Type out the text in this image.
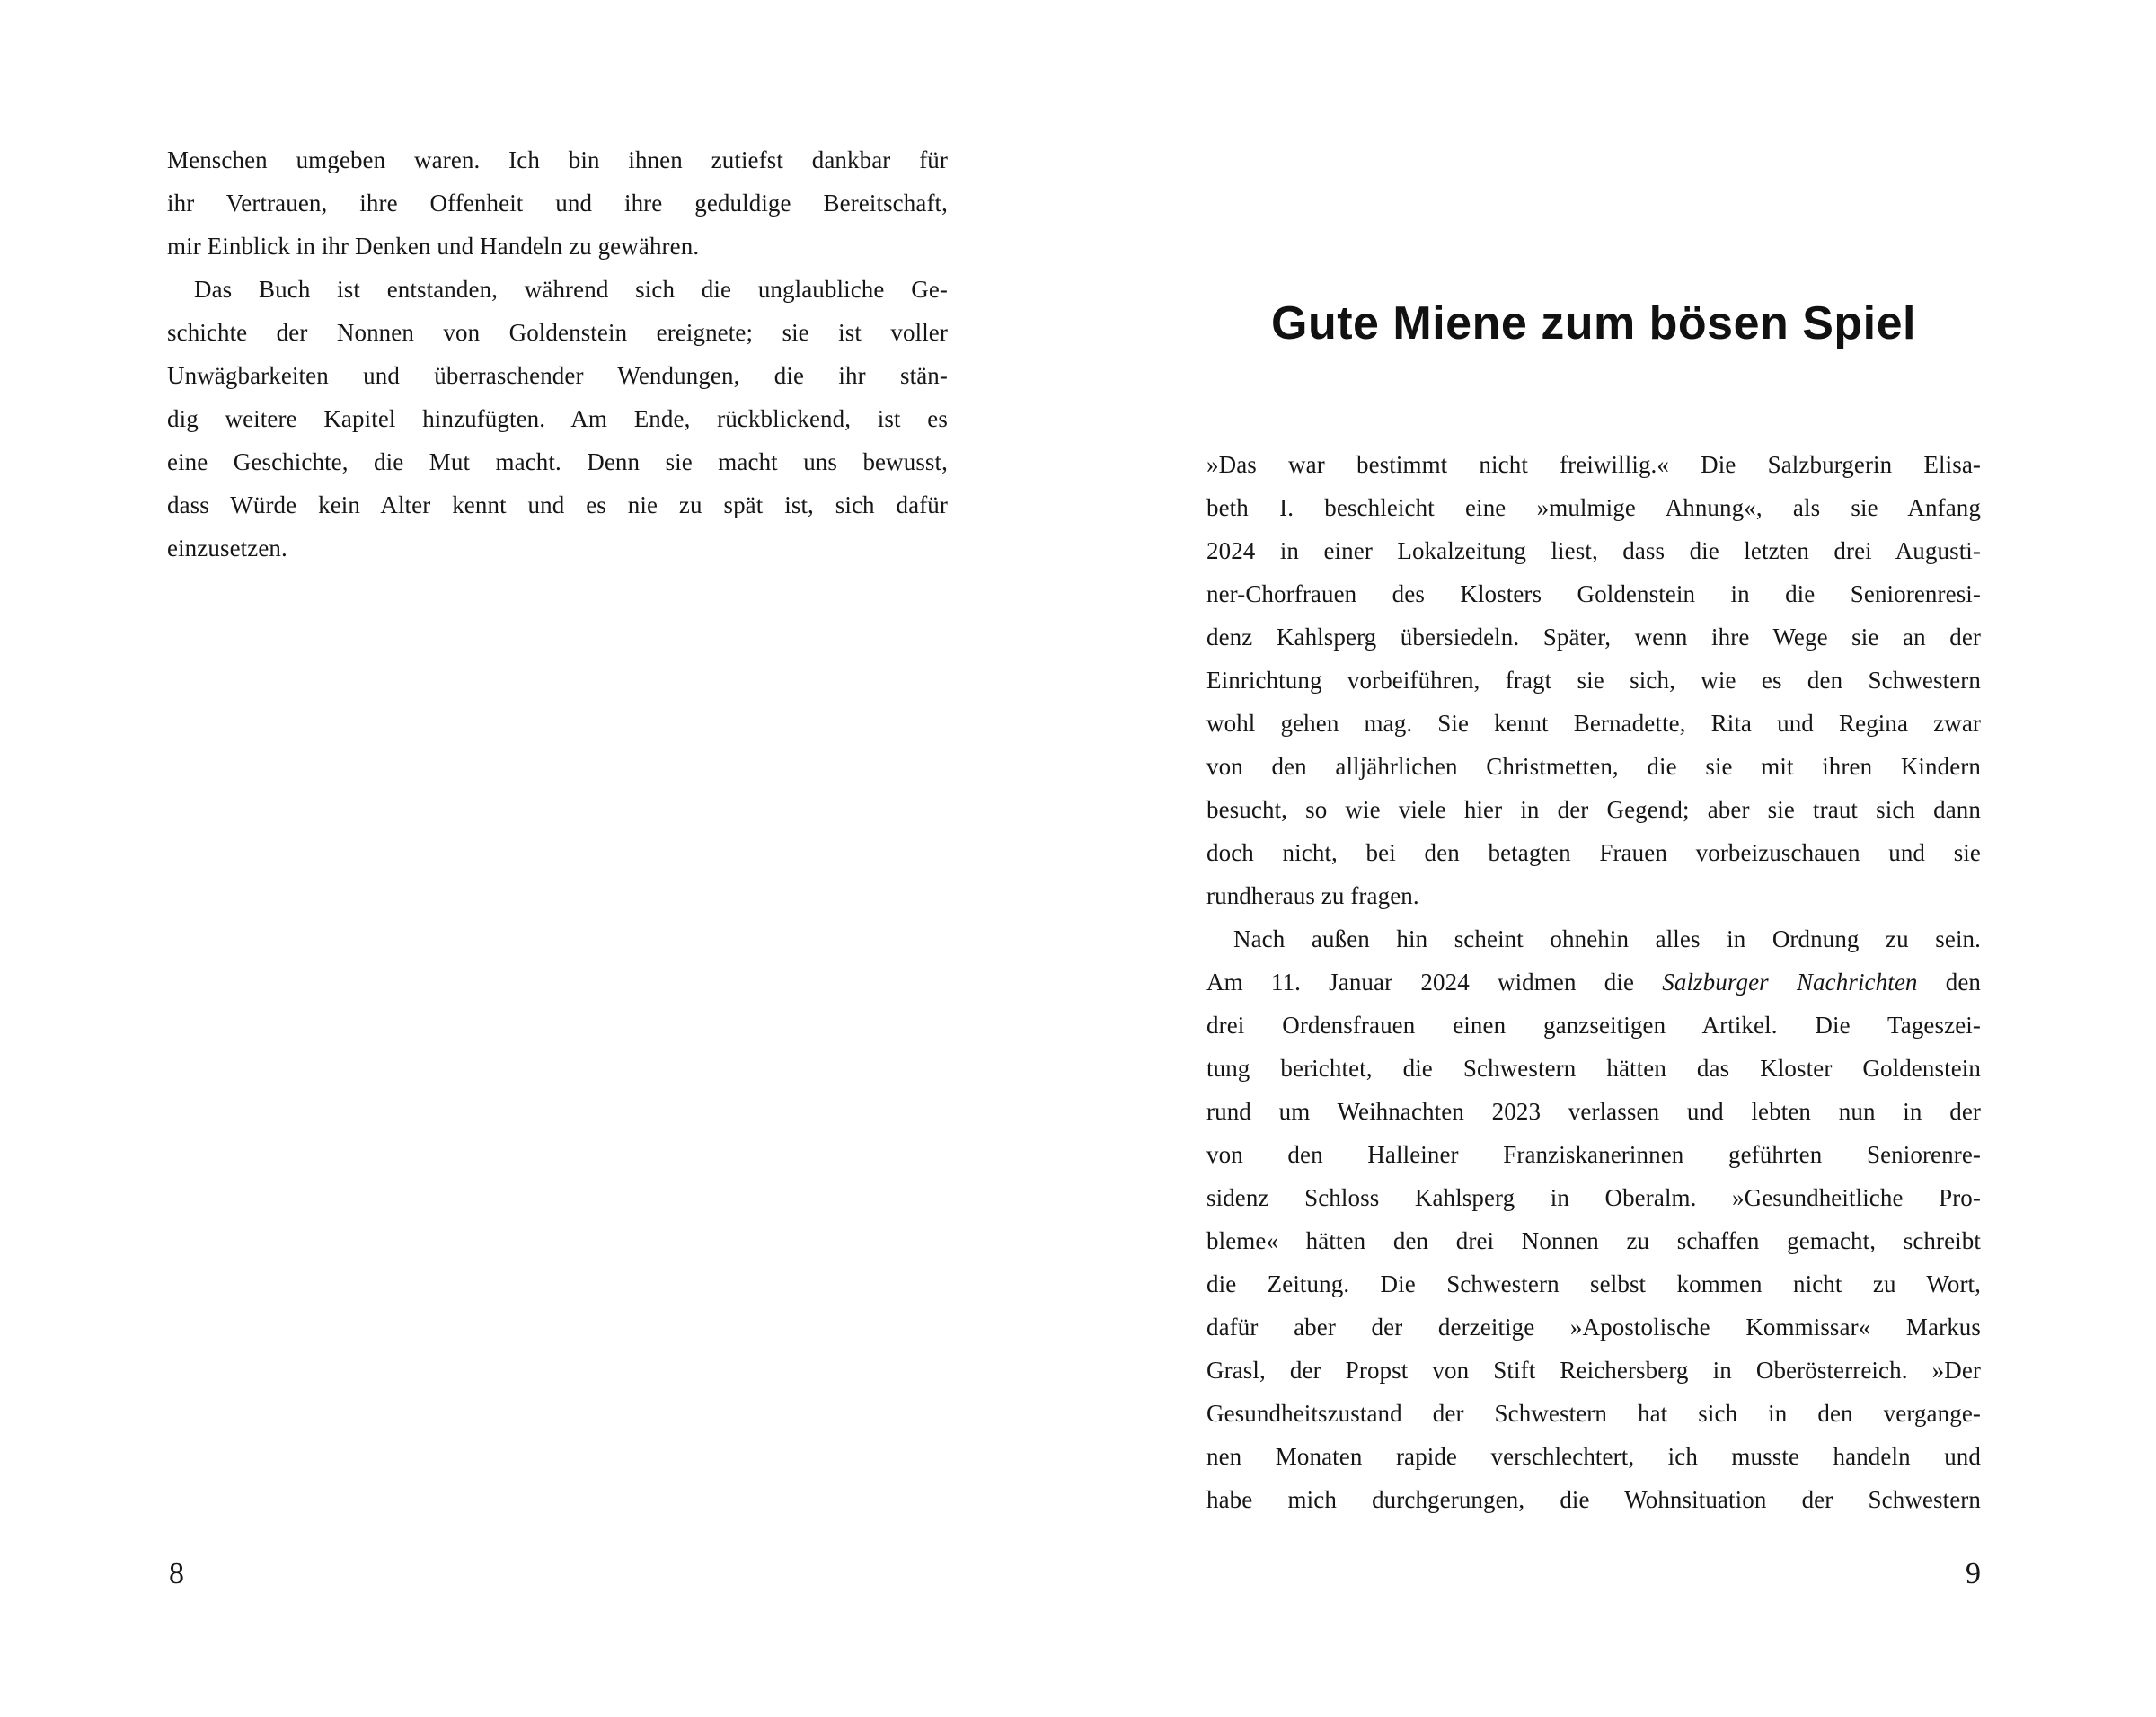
Menschen umgeben waren. Ich bin ihnen zutiefst dankbar für
ihr Vertrauen, ihre Offenheit und ihre geduldige Bereitschaft,
mir Einblick in ihr Denken und Handeln zu gewähren.
Das Buch ist entstanden, während sich die unglaubliche Ge-
schichte der Nonnen von Goldenstein ereignete; sie ist voller
Unwägbarkeiten und überraschender Wendungen, die ihr stän-
dig weitere Kapitel hinzufügten. Am Ende, rückblickend, ist es
eine Geschichte, die Mut macht. Denn sie macht uns bewusst,
dass Würde kein Alter kennt und es nie zu spät ist, sich dafür
einzusetzen.
8
Gute Miene zum bösen Spiel
»Das war bestimmt nicht freiwillig.« Die Salzburgerin Elisa-
beth I. beschleicht eine »mulmige Ahnung«, als sie Anfang
2024 in einer Lokalzeitung liest, dass die letzten drei Augusti-
ner-Chorfrauen des Klosters Goldenstein in die Seniorenresi-
denz Kahlsperg übersiedeln. Später, wenn ihre Wege sie an der
Einrichtung vorbeiführen, fragt sie sich, wie es den Schwestern
wohl gehen mag. Sie kennt Bernadette, Rita und Regina zwar
von den alljährlichen Christmetten, die sie mit ihren Kindern
besucht, so wie viele hier in der Gegend; aber sie traut sich dann
doch nicht, bei den betagten Frauen vorbeizuschauen und sie
rundheraus zu fragen.
Nach außen hin scheint ohnehin alles in Ordnung zu sein.
Am 11. Januar 2024 widmen die Salzburger Nachrichten den
drei Ordensfrauen einen ganzseitigen Artikel. Die Tageszei-
tung berichtet, die Schwestern hätten das Kloster Goldenstein
rund um Weihnachten 2023 verlassen und lebten nun in der
von den Halleiner Franziskanerinnen geführten Seniorenre-
sidenz Schloss Kahlsperg in Oberalm. »Gesundheitliche Pro-
bleme« hätten den drei Nonnen zu schaffen gemacht, schreibt
die Zeitung. Die Schwestern selbst kommen nicht zu Wort,
dafür aber der derzeitige »Apostolische Kommissar« Markus
Grasl, der Propst von Stift Reichersberg in Oberösterreich. »Der
Gesundheitszustand der Schwestern hat sich in den vergange-
nen Monaten rapide verschlechtert, ich musste handeln und
habe mich durchgerungen, die Wohnsituation der Schwestern
9
